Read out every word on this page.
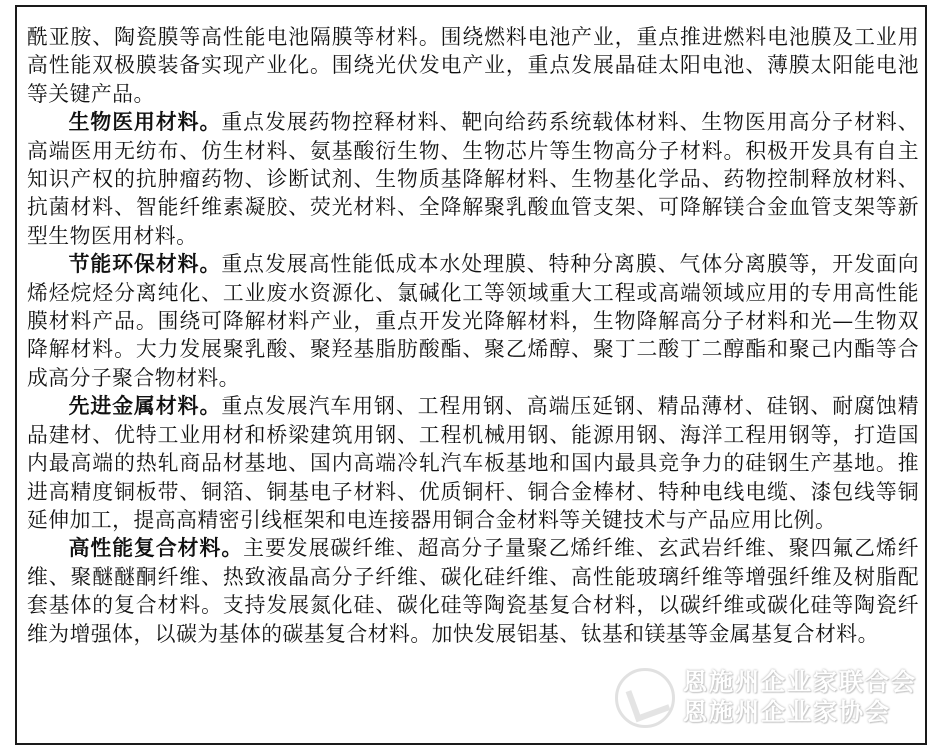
酰亚胺、陶瓷膜等高性能电池隔膜等材料。围绕燃料电池产业，重点推进燃料电池膜及工业用高性能双极膜装备实现产业化。围绕光伏发电产业，重点发展晶硅太阳电池、薄膜太阳能电池等关键产品。

生物医用材料。重点发展药物控释材料、靶向给药系统载体材料、生物医用高分子材料、高端医用无纺布、仿生材料、氨基酸衍生物、生物芯片等生物高分子材料。积极开发具有自主知识产权的抗肿瘤药物、诊断试剂、生物质基降解材料、生物基化学品、药物控制释放材料、抗菌材料、智能纤维素凝胶、荧光材料、全降解聚乳酸血管支架、可降解镁合金血管支架等新型生物医用材料。

节能环保材料。重点发展高性能低成本水处理膜、特种分离膜、气体分离膜等，开发面向烯烃烷烃分离纯化、工业废水资源化、氯碱化工等领域重大工程或高端领域应用的专用高性能膜材料产品。围绕可降解材料产业，重点开发光降解材料，生物降解高分子材料和光—生物双降解材料。大力发展聚乳酸、聚羟基脂肪酸酯、聚乙烯醇、聚丁二酸丁二醇酯和聚己内酯等合成高分子聚合物材料。

先进金属材料。重点发展汽车用钢、工程用钢、高端压延钢、精品薄材、硅钢、耐腐蚀精品建材、优特工业用材和桥梁建筑用钢、工程机械用钢、能源用钢、海洋工程用钢等，打造国内最高端的热轧商品材基地、国内高端冷轧汽车板基地和国内最具竞争力的硅钢生产基地。推进高精度铜板带、铜箔、铜基电子材料、优质铜杆、铜合金棒材、特种电线电缆、漆包线等铜延伸加工，提高高精密引线框架和电连接器用铜合金材料等关键技术与产品应用比例。

高性能复合材料。主要发展碳纤维、超高分子量聚乙烯纤维、玄武岩纤维、聚四氟乙烯纤维、聚醚醚酮纤维、热致液晶高分子纤维、碳化硅纤维、高性能玻璃纤维等增强纤维及树脂配套基体的复合材料。支持发展氮化硅、碳化硅等陶瓷基复合材料，以碳纤维或碳化硅等陶瓷纤维为增强体，以碳为基体的碳基复合材料。加快发展铝基、钛基和镁基等金属基复合材料。

恩施州企业家联合会
恩施州企业家协会
